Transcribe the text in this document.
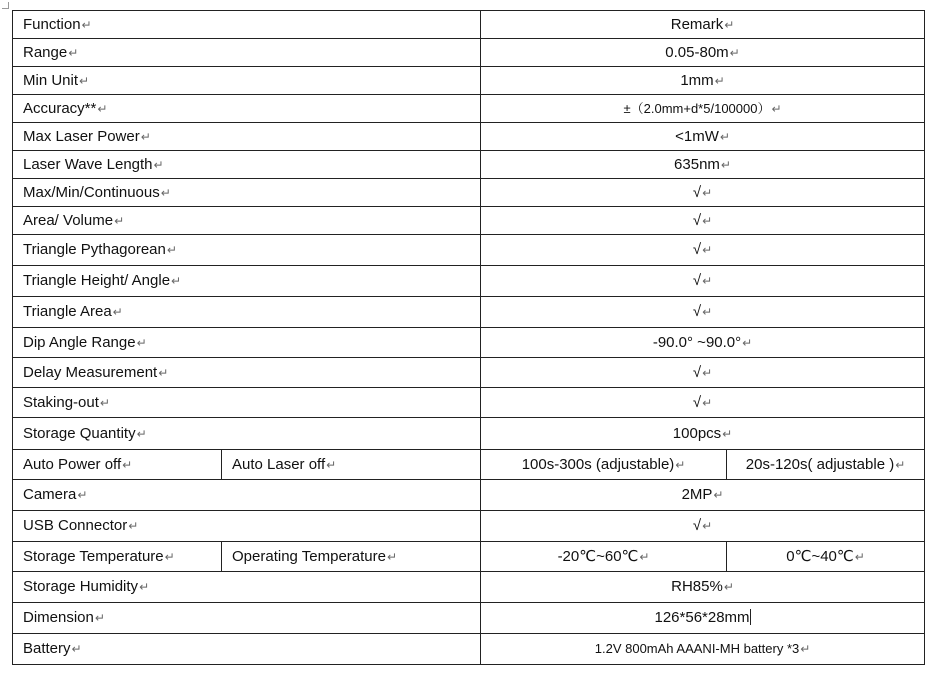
Function↵		Remark↵	
Range↵		0.05-80m↵	
Min Unit↵		1mm↵	
Accuracy**↵		±（2.0mm+d*5/100000）↵	
Max Laser Power↵		<1mW↵	
Laser Wave Length↵		635nm↵	
Max/Min/Continuous↵		√↵	
Area/ Volume↵		√↵	
Triangle Pythagorean↵		√↵	
Triangle Height/ Angle↵		√↵	
Triangle Area↵		√↵	
Dip Angle Range↵		-90.0° ~90.0°↵	
Delay Measurement↵		√↵	
Staking-out↵		√↵	
Storage Quantity↵		100pcs↵	
Auto Power off↵	Auto Laser off↵	100s-300s (adjustable)↵	20s-120s( adjustable )↵
Camera↵		2MP↵	
USB Connector↵		√↵	
Storage Temperature↵	Operating Temperature↵	-20℃~60℃↵	0℃~40℃↵
Storage Humidity↵		RH85%↵	
Dimension↵		126*56*28mm	
Battery↵		1.2V 800mAh AAANI-MH battery *3↵	
